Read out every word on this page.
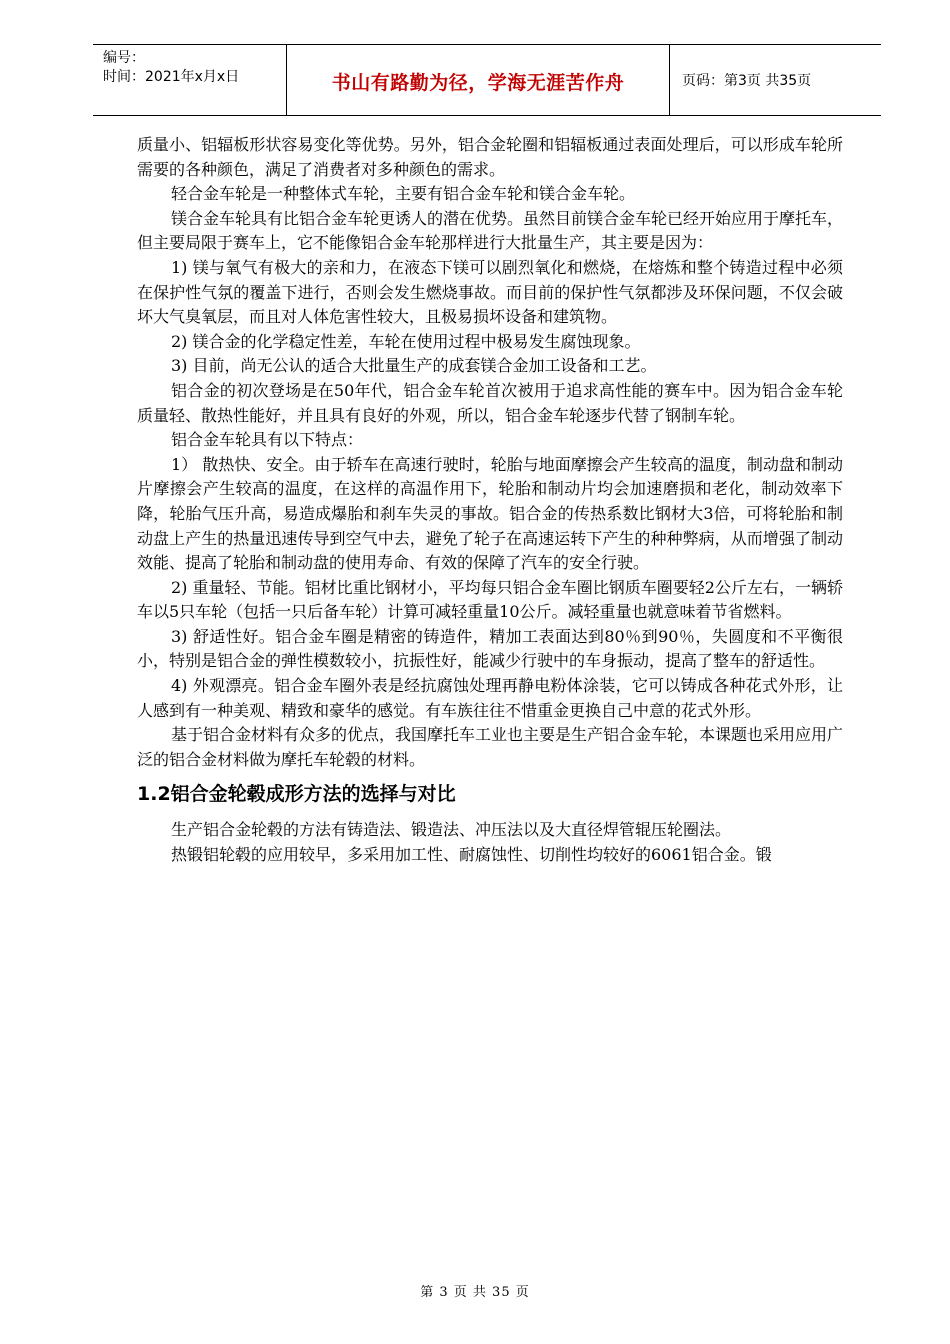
编号：
时间：2021年x月x日	书山有路勤为径，学海无涯苦作舟	页码：第3页 共35页

质量小、铝辐板形状容易变化等优势。另外，铝合金轮圈和铝辐板通过表面处理后，可以形成车轮所需要的各种颜色，满足了消费者对多种颜色的需求。

轻合金车轮是一种整体式车轮，主要有铝合金车轮和镁合金车轮。

镁合金车轮具有比铝合金车轮更诱人的潜在优势。虽然目前镁合金车轮已经开始应用于摩托车，但主要局限于赛车上，它不能像铝合金车轮那样进行大批量生产，其主要是因为：

1) 镁与氧气有极大的亲和力，在液态下镁可以剧烈氧化和燃烧，在熔炼和整个铸造过程中必须在保护性气氛的覆盖下进行，否则会发生燃烧事故。而目前的保护性气氛都涉及环保问题，不仅会破坏大气臭氧层，而且对人体危害性较大，且极易损坏设备和建筑物。

2) 镁合金的化学稳定性差，车轮在使用过程中极易发生腐蚀现象。

3) 目前，尚无公认的适合大批量生产的成套镁合金加工设备和工艺。

铝合金的初次登场是在50年代，铝合金车轮首次被用于追求高性能的赛车中。因为铝合金车轮质量轻、散热性能好，并且具有良好的外观，所以，铝合金车轮逐步代替了钢制车轮。

铝合金车轮具有以下特点：

1） 散热快、安全。由于轿车在高速行驶时，轮胎与地面摩擦会产生较高的温度，制动盘和制动片摩擦会产生较高的温度，在这样的高温作用下，轮胎和制动片均会加速磨损和老化，制动效率下降，轮胎气压升高，易造成爆胎和刹车失灵的事故。铝合金的传热系数比钢材大3倍，可将轮胎和制动盘上产生的热量迅速传导到空气中去，避免了轮子在高速运转下产生的种种弊病，从而增强了制动效能、提高了轮胎和制动盘的使用寿命、有效的保障了汽车的安全行驶。

2) 重量轻、节能。铝材比重比钢材小，平均每只铝合金车圈比钢质车圈要轻2公斤左右，一辆轿车以5只车轮（包括一只后备车轮）计算可减轻重量10公斤。减轻重量也就意味着节省燃料。

3) 舒适性好。铝合金车圈是精密的铸造件，精加工表面达到80％到90％，失圆度和不平衡很小，特别是铝合金的弹性模数较小，抗振性好，能减少行驶中的车身振动，提高了整车的舒适性。

4) 外观漂亮。铝合金车圈外表是经抗腐蚀处理再静电粉体涂装，它可以铸成各种花式外形，让人感到有一种美观、精致和豪华的感觉。有车族往往不惜重金更换自己中意的花式外形。

基于铝合金材料有众多的优点，我国摩托车工业也主要是生产铝合金车轮，本课题也采用应用广泛的铝合金材料做为摩托车轮毂的材料。

1.2铝合金轮毂成形方法的选择与对比

生产铝合金轮毂的方法有铸造法、锻造法、冲压法以及大直径焊管辊压轮圈法。

热锻铝轮毂的应用较早，多采用加工性、耐腐蚀性、切削性均较好的6061铝合金。锻

第 3 页 共 35 页
